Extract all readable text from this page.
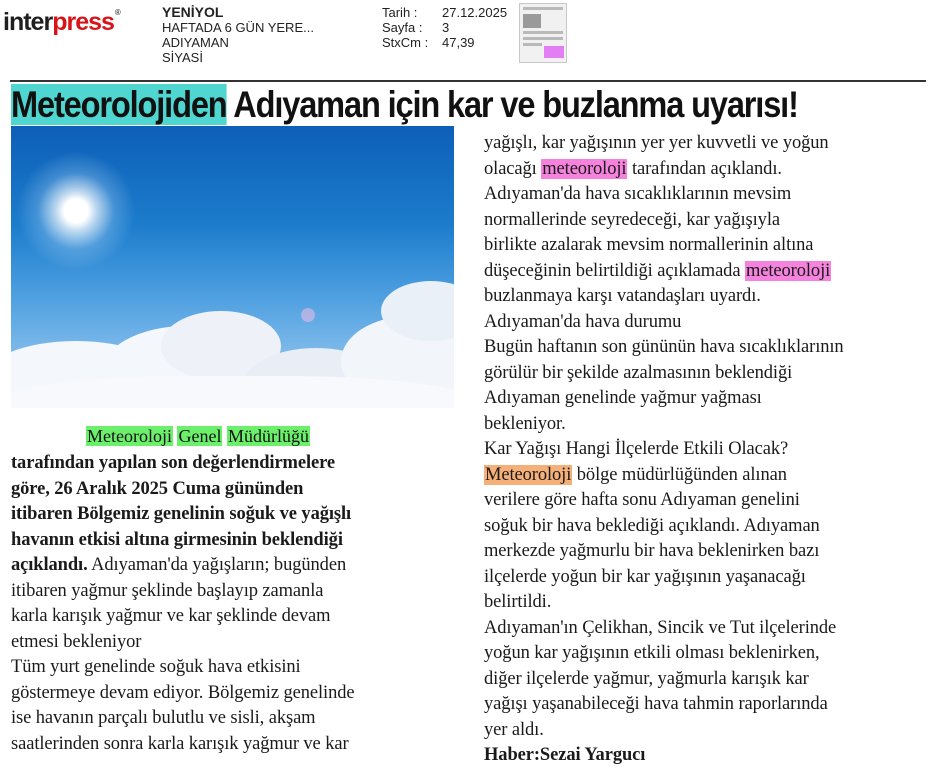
interpress®	YENİYOL
HAFTADA 6 GÜN YERE...
ADIYAMAN
SİYASİ
Tarih :	27.12.2025
Sayfa :	3
StxCm :	47,39
Meteorolojiden Adıyaman için kar ve buzlanma uyarısı!
Meteoroloji Genel Müdürlüğü
tarafından yapılan son değerlendirmelere
göre, 26 Aralık 2025 Cuma gününden
itibaren Bölgemiz genelinin soğuk ve yağışlı
havanın etkisi altına girmesinin beklendiği
açıklandı. Adıyaman'da yağışların; bugünden
itibaren yağmur şeklinde başlayıp zamanla
karla karışık yağmur ve kar şeklinde devam
etmesi bekleniyor
Tüm yurt genelinde soğuk hava etkisini
göstermeye devam ediyor. Bölgemiz genelinde
ise havanın parçalı bulutlu ve sisli, akşam
saatlerinden sonra karla karışık yağmur ve kar
yağışlı, kar yağışının yer yer kuvvetli ve yoğun
olacağı meteoroloji tarafından açıklandı.
Adıyaman'da hava sıcaklıklarının mevsim
normallerinde seyredeceği, kar yağışıyla
birlikte azalarak mevsim normallerinin altına
düşeceğinin belirtildiği açıklamada meteoroloji
buzlanmaya karşı vatandaşları uyardı.
Adıyaman'da hava durumu
Bugün haftanın son gününün hava sıcaklıklarının
görülür bir şekilde azalmasının beklendiği
Adıyaman genelinde yağmur yağması
bekleniyor.
Kar Yağışı Hangi İlçelerde Etkili Olacak?
Meteoroloji bölge müdürlüğünden alınan
verilere göre hafta sonu Adıyaman genelini
soğuk bir hava beklediği açıklandı. Adıyaman
merkezde yağmurlu bir hava beklenirken bazı
ilçelerde yoğun bir kar yağışının yaşanacağı
belirtildi.
Adıyaman'ın Çelikhan, Sincik ve Tut ilçelerinde
yoğun kar yağışının etkili olması beklenirken,
diğer ilçelerde yağmur, yağmurla karışık kar
yağışı yaşanabileceği hava tahmin raporlarında
yer aldı.
Haber:Sezai Yargucı
